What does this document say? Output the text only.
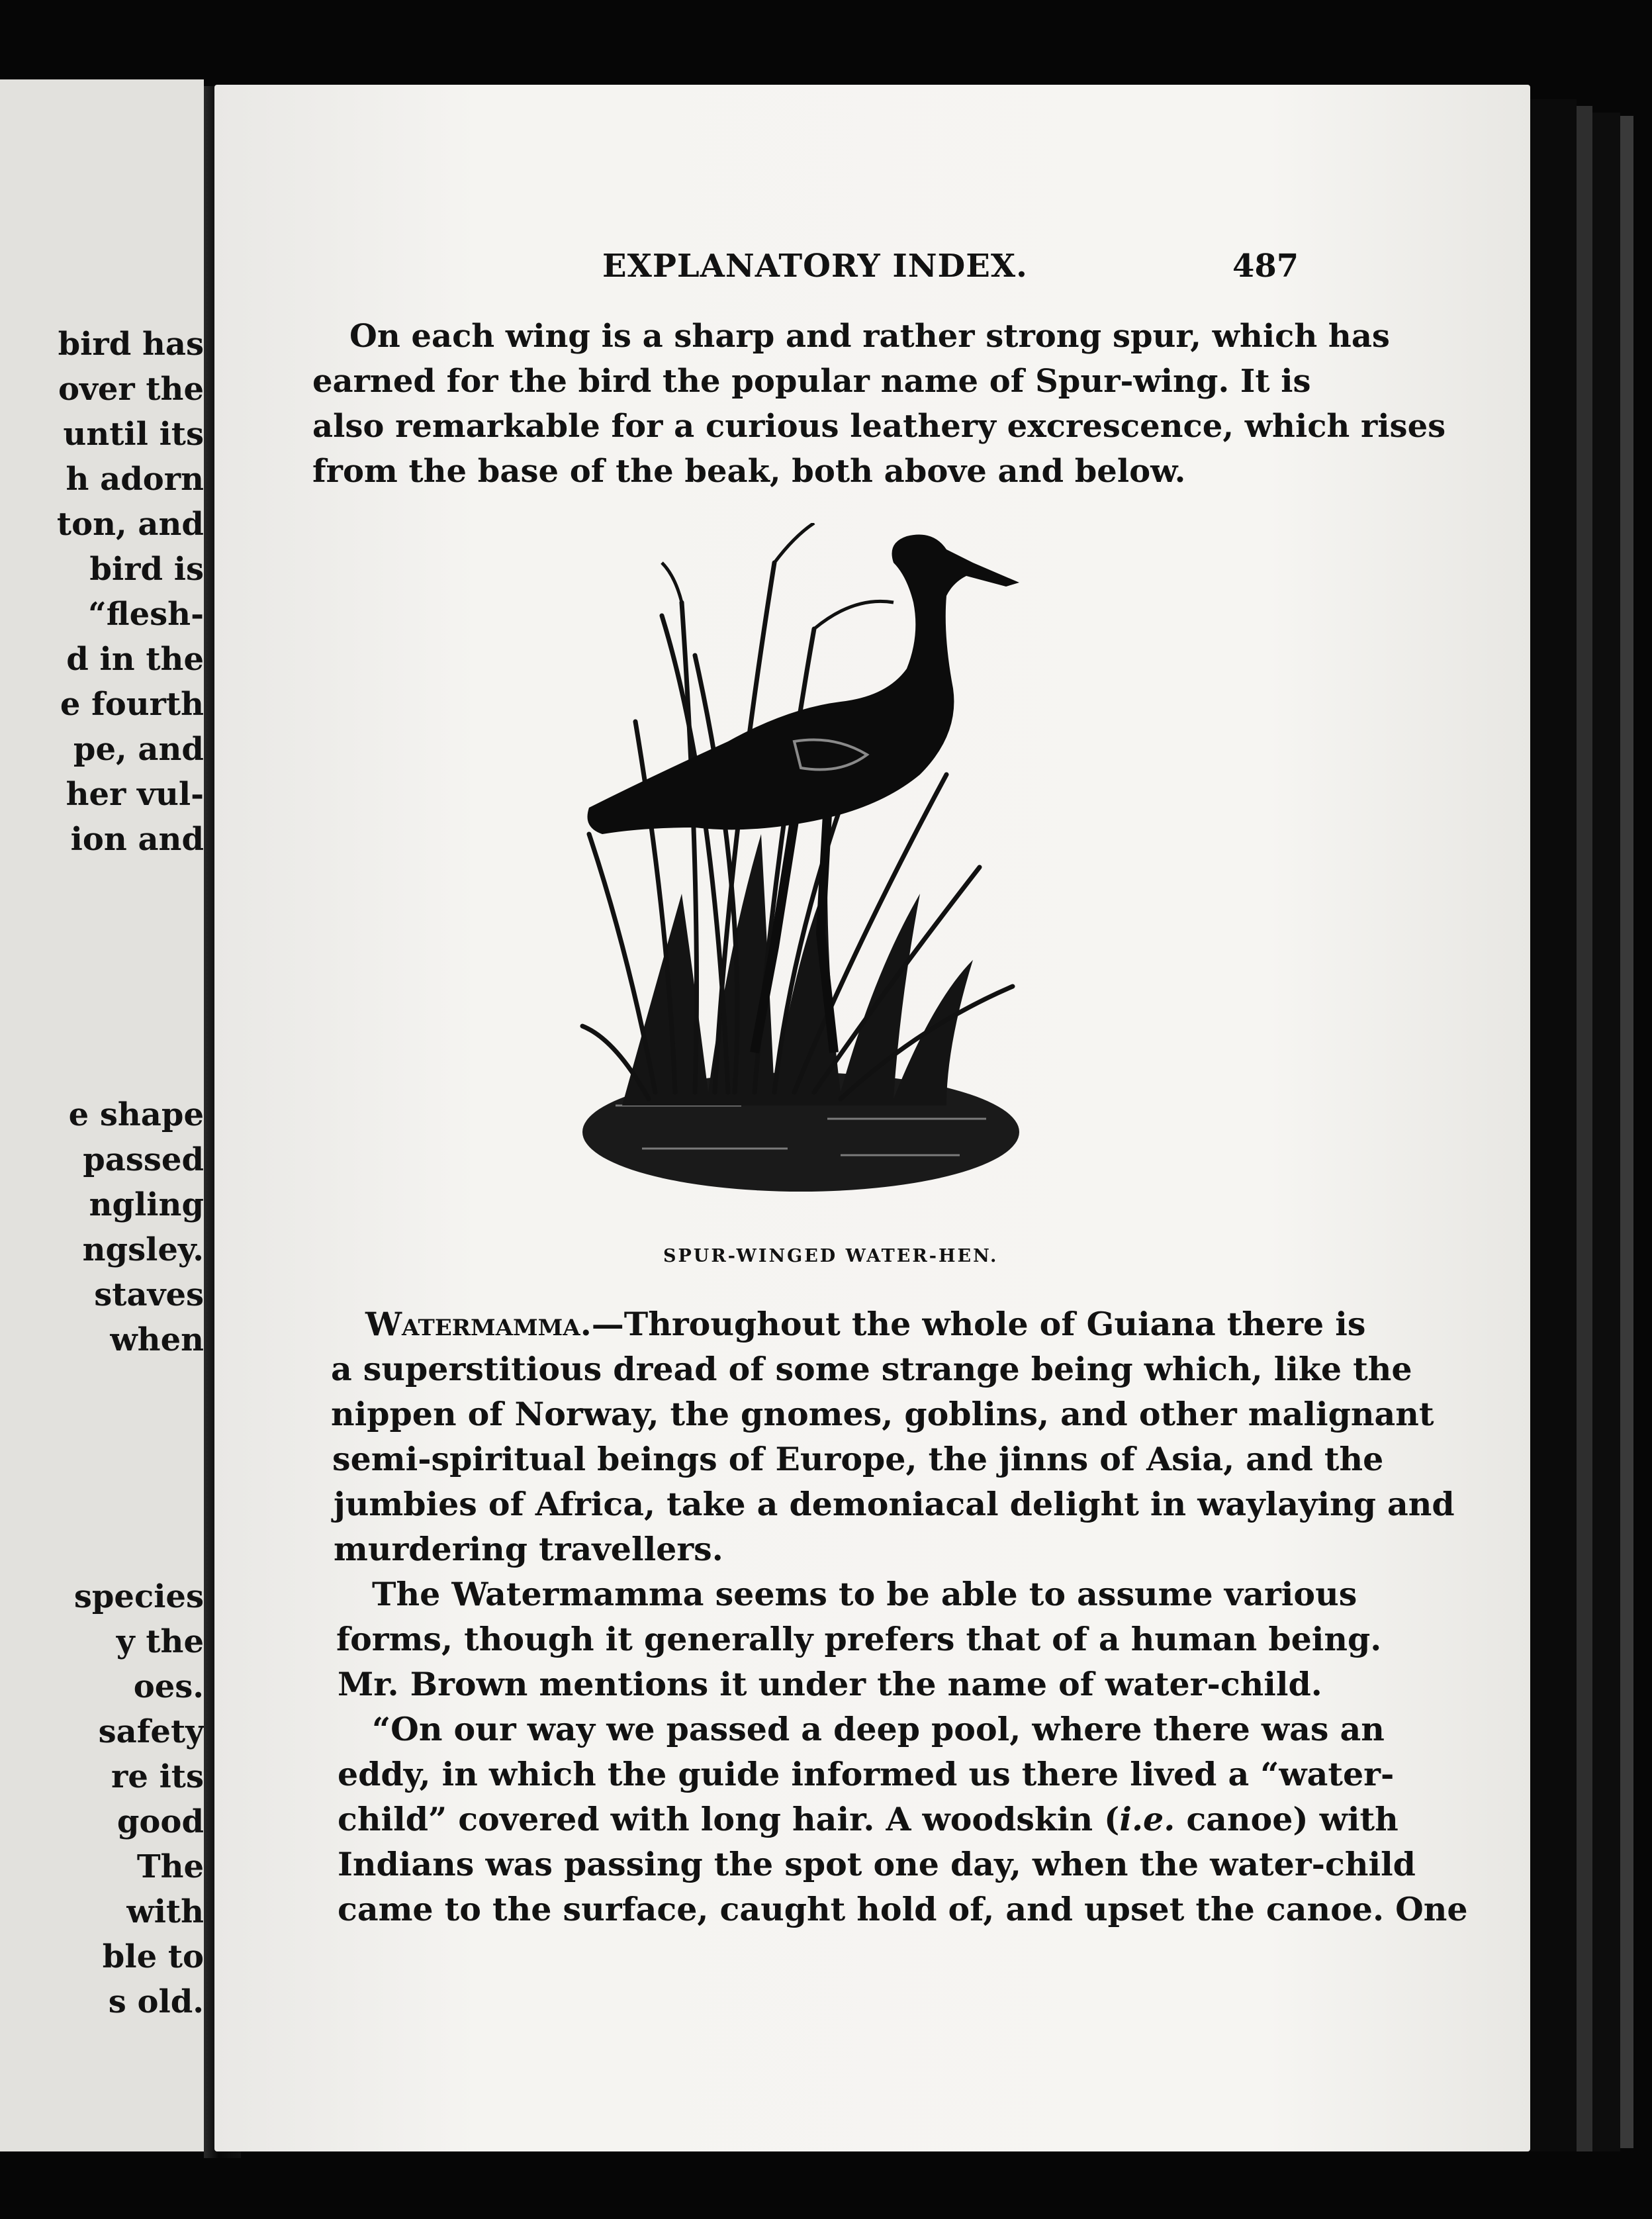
bird has

over the

until its

h adorn

ton, and

bird is

“flesh-

d in the

e fourth

pe, and

her vul-

ion and

e shape

passed

ngling

ngsley.

staves

when

species

y the

oes.

safety

re its

good

The

with

ble to

s old.

EXPLANATORY INDEX.	487

On each wing is a sharp and rather strong spur, which has

earned for the bird the popular name of Spur-wing. It is

also remarkable for a curious leathery excrescence, which rises

from the base of the beak, both above and below.

SPUR-WINGED WATER-HEN.

Watermamma.—Throughout the whole of Guiana there is

a superstitious dread of some strange being which, like the

nippen of Norway, the gnomes, goblins, and other malignant

semi-spiritual beings of Europe, the jinns of Asia, and the

jumbies of Africa, take a demoniacal delight in waylaying and

murdering travellers.

The Watermamma seems to be able to assume various

forms, though it generally prefers that of a human being.

Mr. Brown mentions it under the name of water-child.

“On our way we passed a deep pool, where there was an

eddy, in which the guide informed us there lived a “water-

child” covered with long hair. A woodskin (i.e. canoe) with

Indians was passing the spot one day, when the water-child

came to the surface, caught hold of, and upset the canoe. One
